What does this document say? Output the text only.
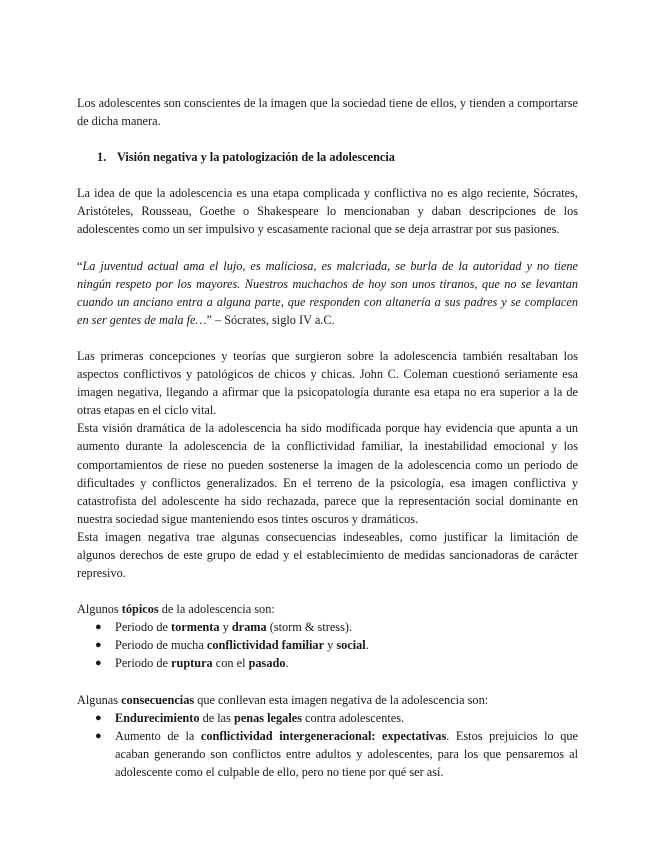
Los adolescentes son conscientes de la imagen que la sociedad tiene de ellos, y tienden a comportarse de dicha manera.

1. Visión negativa y la patologización de la adolescencia

La idea de que la adolescencia es una etapa complicada y conflictiva no es algo reciente, Sócrates, Aristóteles, Rousseau, Goethe o Shakespeare lo mencionaban y daban descripciones de los adolescentes como un ser impulsivo y escasamente racional que se deja arrastrar por sus pasiones.

“La juventud actual ama el lujo, es maliciosa, es malcriada, se burla de la autoridad y no tiene ningún respeto por los mayores. Nuestros muchachos de hoy son unos tiranos, que no se levantan cuando un anciano entra a alguna parte, que responden con altanería a sus padres y se complacen en ser gentes de mala fe…” – Sócrates, siglo IV a.C.

Las primeras concepciones y teorías que surgieron sobre la adolescencia también resaltaban los aspectos conflictivos y patológicos de chicos y chicas. John C. Coleman cuestionó seriamente esa imagen negativa, llegando a afirmar que la psicopatología durante esa etapa no era superior a la de otras etapas en el ciclo vital.

Esta visión dramática de la adolescencia ha sido modificada porque hay evidencia que apunta a un aumento durante la adolescencia de la conflictividad familiar, la inestabilidad emocional y los comportamientos de riese no pueden sostenerse la imagen de la adolescencia como un periodo de dificultades y conflictos generalizados. En el terreno de la psicología, esa imagen conflictiva y catastrofista del adolescente ha sido rechazada, parece que la representación social dominante en nuestra sociedad sigue manteniendo esos tintes oscuros y dramáticos.

Esta imagen negativa trae algunas consecuencias indeseables, como justificar la limitación de algunos derechos de este grupo de edad y el establecimiento de medidas sancionadoras de carácter represivo.

Algunos tópicos de la adolescencia son:

● Periodo de tormenta y drama (storm & stress).
● Periodo de mucha conflictividad familiar y social.
● Periodo de ruptura con el pasado.

Algunas consecuencias que conllevan esta imagen negativa de la adolescencia son:

● Endurecimiento de las penas legales contra adolescentes.
● Aumento de la conflictividad intergeneracional: expectativas. Estos prejuicios lo que acaban generando son conflictos entre adultos y adolescentes, para los que pensaremos al adolescente como el culpable de ello, pero no tiene por qué ser así.
